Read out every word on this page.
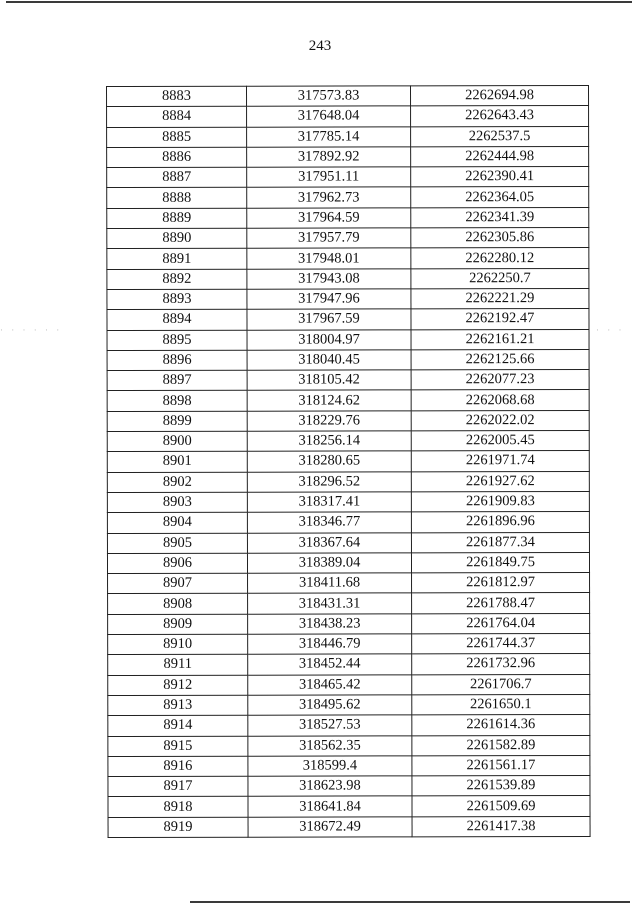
243
· · · · · ·	· · ·
8883	317573.83	2262694.98
8884	317648.04	2262643.43
8885	317785.14	2262537.5
8886	317892.92	2262444.98
8887	317951.11	2262390.41
8888	317962.73	2262364.05
8889	317964.59	2262341.39
8890	317957.79	2262305.86
8891	317948.01	2262280.12
8892	317943.08	2262250.7
8893	317947.96	2262221.29
8894	317967.59	2262192.47
8895	318004.97	2262161.21
8896	318040.45	2262125.66
8897	318105.42	2262077.23
8898	318124.62	2262068.68
8899	318229.76	2262022.02
8900	318256.14	2262005.45
8901	318280.65	2261971.74
8902	318296.52	2261927.62
8903	318317.41	2261909.83
8904	318346.77	2261896.96
8905	318367.64	2261877.34
8906	318389.04	2261849.75
8907	318411.68	2261812.97
8908	318431.31	2261788.47
8909	318438.23	2261764.04
8910	318446.79	2261744.37
8911	318452.44	2261732.96
8912	318465.42	2261706.7
8913	318495.62	2261650.1
8914	318527.53	2261614.36
8915	318562.35	2261582.89
8916	318599.4	2261561.17
8917	318623.98	2261539.89
8918	318641.84	2261509.69
8919	318672.49	2261417.38
